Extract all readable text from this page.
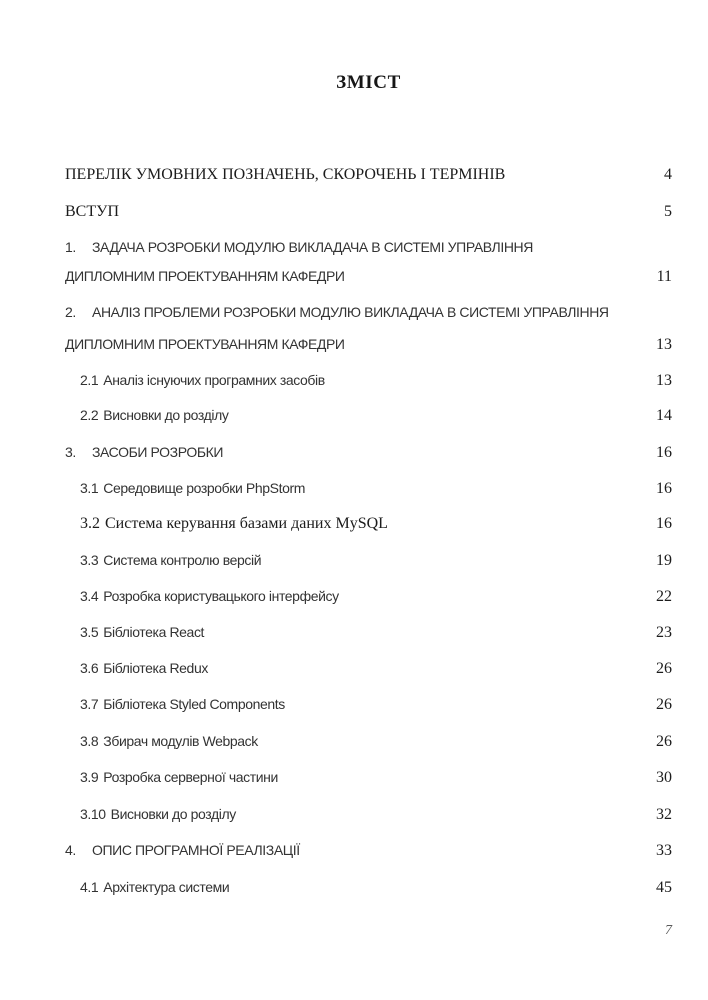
ЗМІСТ
ПЕРЕЛІК УМОВНИХ ПОЗНАЧЕНЬ, СКОРОЧЕНЬ І ТЕРМІНІВ	4
ВСТУП	5
1. ЗАДАЧА РОЗРОБКИ МОДУЛЮ ВИКЛАДАЧА В СИСТЕМІ УПРАВЛІННЯ
ДИПЛОМНИМ ПРОЕКТУВАННЯМ КАФЕДРИ	11
2. АНАЛІЗ ПРОБЛЕМИ РОЗРОБКИ МОДУЛЮ ВИКЛАДАЧА В СИСТЕМІ УПРАВЛІННЯ
ДИПЛОМНИМ ПРОЕКТУВАННЯМ КАФЕДРИ	13
2.1 Аналіз існуючих програмних засобів	13
2.2 Висновки до розділу	14
3. ЗАСОБИ РОЗРОБКИ	16
3.1 Середовище розробки PhpStorm	16
3.2 Система керування базами даних MySQL	16
3.3 Система контролю версій	19
3.4 Розробка користувацького інтерфейсу	22
3.5 Бібліотека React	23
3.6 Бібліотека Redux	26
3.7 Бібліотека Styled Components	26
3.8 Збирач модулів Webpack	26
3.9 Розробка серверної частини	30
3.10 Висновки до розділу	32
4. ОПИС ПРОГРАМНОЇ РЕАЛІЗАЦІЇ	33
4.1 Архітектура системи	45
7
